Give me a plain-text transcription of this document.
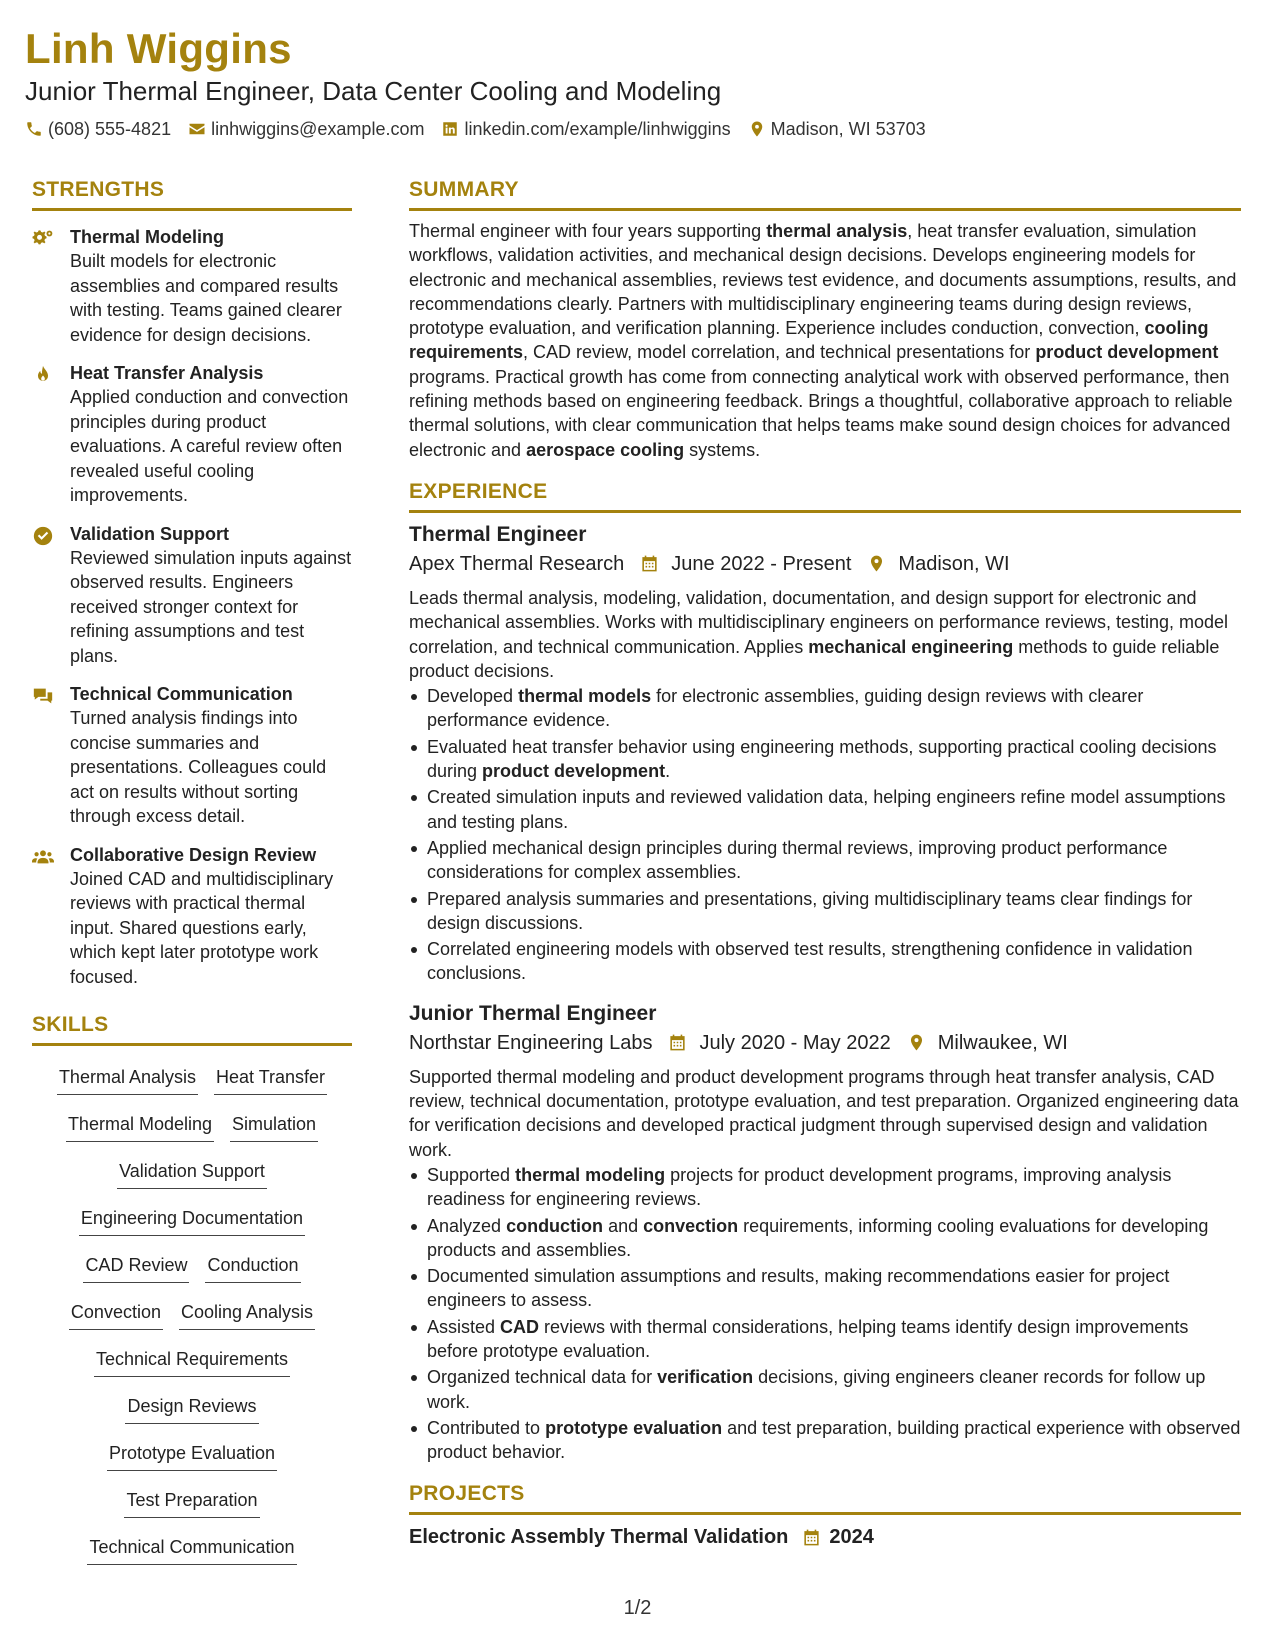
Linh Wiggins
Junior Thermal Engineer, Data Center Cooling and Modeling
(608) 555-4821 linhwiggins@example.com linkedin.com/example/linhwiggins Madison, WI 53703
STRENGTHS
Thermal Modeling
Built models for electronic assemblies and compared results with testing. Teams gained clearer evidence for design decisions.
Heat Transfer Analysis
Applied conduction and convection principles during product evaluations. A careful review often revealed useful cooling improvements.
Validation Support
Reviewed simulation inputs against observed results. Engineers received stronger context for refining assumptions and test plans.
Technical Communication
Turned analysis findings into concise summaries and presentations. Colleagues could act on results without sorting through excess detail.
Collaborative Design Review
Joined CAD and multidisciplinary reviews with practical thermal input. Shared questions early, which kept later prototype work focused.
SKILLS
Thermal Analysis Heat Transfer
Thermal Modeling Simulation
Validation Support
Engineering Documentation
CAD Review Conduction
Convection Cooling Analysis
Technical Requirements
Design Reviews
Prototype Evaluation
Test Preparation
Technical Communication
SUMMARY

Thermal engineer with four years supporting thermal analysis, heat transfer evaluation, simulation workflows, validation activities, and mechanical design decisions. Develops engineering models for electronic and mechanical assemblies, reviews test evidence, and documents assumptions, results, and recommendations clearly. Partners with multidisciplinary engineering teams during design reviews, prototype evaluation, and verification planning. Experience includes conduction, convection, cooling requirements, CAD review, model correlation, and technical presentations for product development programs. Practical growth has come from connecting analytical work with observed performance, then refining methods based on engineering feedback. Brings a thoughtful, collaborative approach to reliable thermal solutions, with clear communication that helps teams make sound design choices for advanced electronic and aerospace cooling systems.

EXPERIENCE
Thermal Engineer
Apex Thermal Research June 2022 - Present Madison, WI

Leads thermal analysis, modeling, validation, documentation, and design support for electronic and mechanical assemblies. Works with multidisciplinary engineers on performance reviews, testing, model correlation, and technical communication. Applies mechanical engineering methods to guide reliable product decisions.

Developed thermal models for electronic assemblies, guiding design reviews with clearer performance evidence.
Evaluated heat transfer behavior using engineering methods, supporting practical cooling decisions during product development.
Created simulation inputs and reviewed validation data, helping engineers refine model assumptions and testing plans.
Applied mechanical design principles during thermal reviews, improving product performance considerations for complex assemblies.
Prepared analysis summaries and presentations, giving multidisciplinary teams clear findings for design discussions.
Correlated engineering models with observed test results, strengthening confidence in validation conclusions.
Junior Thermal Engineer
Northstar Engineering Labs July 2020 - May 2022 Milwaukee, WI

Supported thermal modeling and product development programs through heat transfer analysis, CAD review, technical documentation, prototype evaluation, and test preparation. Organized engineering data for verification decisions and developed practical judgment through supervised design and validation work.

Supported thermal modeling projects for product development programs, improving analysis readiness for engineering reviews.
Analyzed conduction and convection requirements, informing cooling evaluations for developing products and assemblies.
Documented simulation assumptions and results, making recommendations easier for project engineers to assess.
Assisted CAD reviews with thermal considerations, helping teams identify design improvements before prototype evaluation.
Organized technical data for verification decisions, giving engineers cleaner records for follow up work.
Contributed to prototype evaluation and test preparation, building practical experience with observed product behavior.
PROJECTS
Electronic Assembly Thermal Validation 2024
1/2
